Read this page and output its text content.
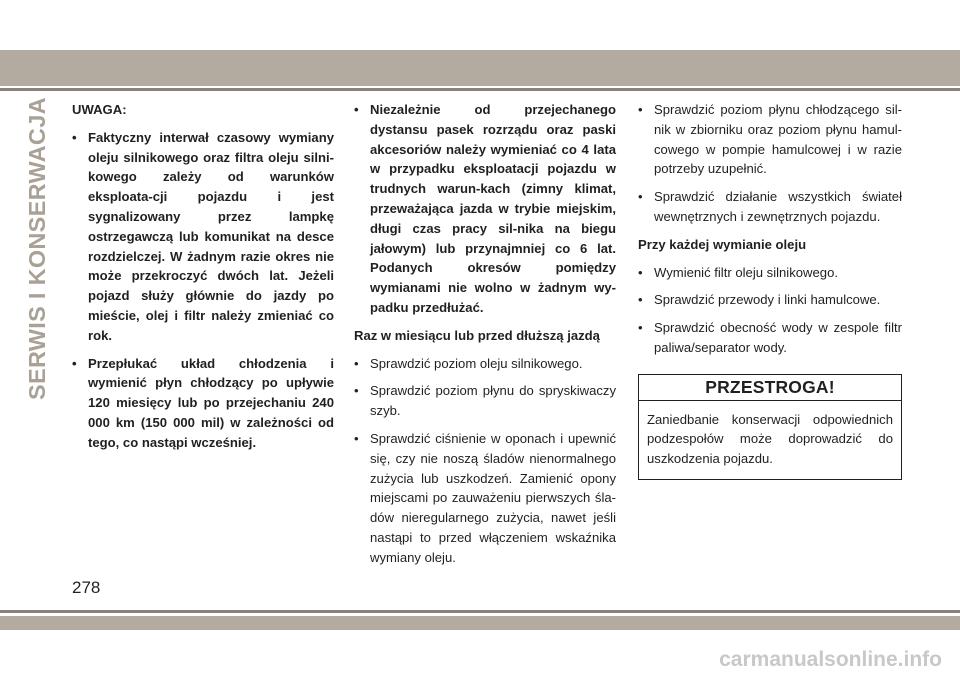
SERWIS I KONSERWACJA
278
UWAGA:
• Faktyczny interwał czasowy wymiany oleju silnikowego oraz filtra oleju silni-kowego zależy od warunków eksploata-cji pojazdu i jest sygnalizowany przez lampkę ostrzegawczą lub komunikat na desce rozdzielczej. W żadnym razie okres nie może przekroczyć dwóch lat. Jeżeli pojazd służy głównie do jazdy po mieście, olej i filtr należy zmieniać co rok.
• Przepłukać układ chłodzenia i wymienić płyn chłodzący po upływie 120 miesięcy lub po przejechaniu 240 000 km (150 000 mil) w zależności od tego, co nastąpi wcześniej.
• Niezależnie od przejechanego dystansu pasek rozrządu oraz paski akcesoriów należy wymieniać co 4 lata w przypadku eksploatacji pojazdu w trudnych warun-kach (zimny klimat, przeważająca jazda w trybie miejskim, długi czas pracy sil-nika na biegu jałowym) lub przynajmniej co 6 lat. Podanych okresów pomiędzy wymianami nie wolno w żadnym wy-padku przedłużać.
Raz w miesiącu lub przed dłuższą jazdą
• Sprawdzić poziom oleju silnikowego.
• Sprawdzić poziom płynu do spryskiwaczy szyb.
• Sprawdzić ciśnienie w oponach i upewnić się, czy nie noszą śladów nienormalnego zużycia lub uszkodzeń. Zamienić opony miejscami po zauważeniu pierwszych śla-dów nieregularnego zużycia, nawet jeśli nastąpi to przed włączeniem wskaźnika wymiany oleju.
• Sprawdzić poziom płynu chłodzącego sil-nik w zbiorniku oraz poziom płynu hamul-cowego w pompie hamulcowej i w razie potrzeby uzupełnić.
• Sprawdzić działanie wszystkich świateł wewnętrznych i zewnętrznych pojazdu.
Przy każdej wymianie oleju
• Wymienić filtr oleju silnikowego.
• Sprawdzić przewody i linki hamulcowe.
• Sprawdzić obecność wody w zespole filtr paliwa/separator wody.
PRZESTROGA!
Zaniedbanie konserwacji odpowiednich podzespołów może doprowadzić do uszkodzenia pojazdu.
carmanualsonline.info
